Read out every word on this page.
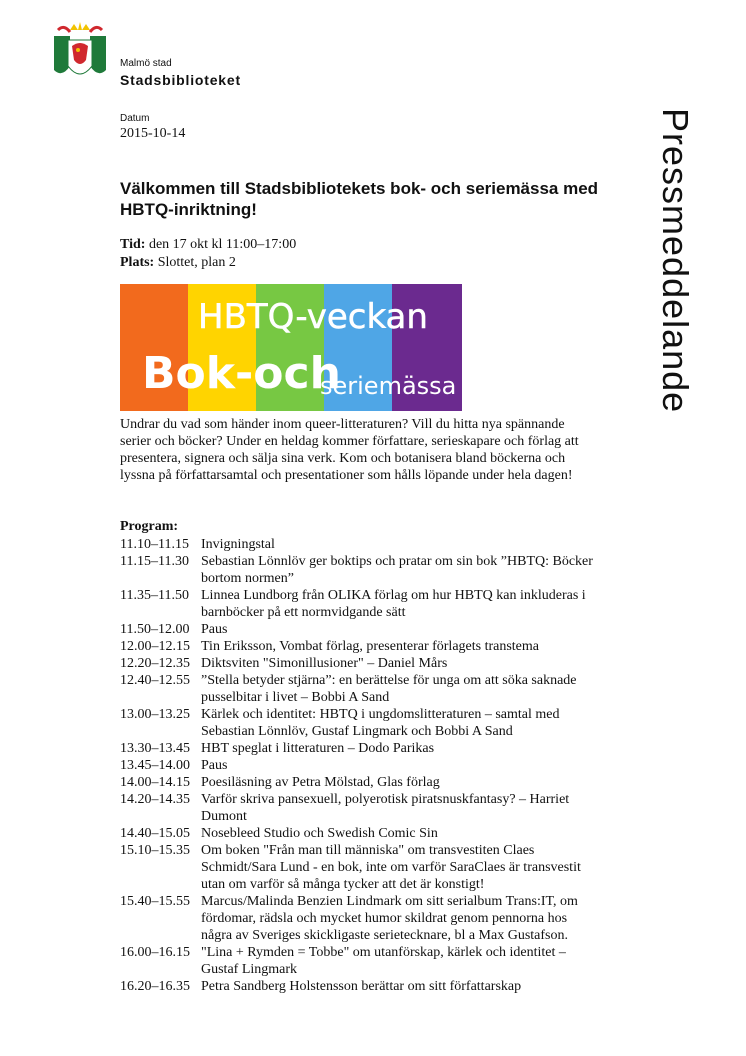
Malmö stad
Stadsbiblioteket
Datum
2015-10-14	Pressmeddelande
Välkommen till Stadsbibliotekets bok- och seriemässa med HBTQ-inriktning!
Tid: den 17 okt kl 11:00–17:00
Plats: Slottet, plan 2
HBTQ-veckan
Bok-och
seriemässa
Undrar du vad som händer inom queer-litteraturen? Vill du hitta nya spännande serier och böcker? Under en heldag kommer författare, serieskapare och förlag att presentera, signera och sälja sina verk. Kom och botanisera bland böckerna och lyssna på författarsamtal och presentationer som hålls löpande under hela dagen!
Program:
11.10–11.15 Invigningstal
11.15–11.30 Sebastian Lönnlöv ger boktips och pratar om sin bok ”HBTQ: Böcker bortom normen”
11.35–11.50 Linnea Lundborg från OLIKA förlag om hur HBTQ kan inkluderas i barnböcker på ett normvidgande sätt
11.50–12.00 Paus
12.00–12.15 Tin Eriksson, Vombat förlag, presenterar förlagets transtema
12.20–12.35 Diktsviten "Simonillusioner" – Daniel Mårs
12.40–12.55 ”Stella betyder stjärna”: en berättelse för unga om att söka saknade pusselbitar i livet – Bobbi A Sand
13.00–13.25 Kärlek och identitet: HBTQ i ungdomslitteraturen – samtal med Sebastian Lönnlöv, Gustaf Lingmark och Bobbi A Sand
13.30–13.45 HBT speglat i litteraturen – Dodo Parikas
13.45–14.00 Paus
14.00–14.15 Poesiläsning av Petra Mölstad, Glas förlag
14.20–14.35 Varför skriva pansexuell, polyerotisk piratsnuskfantasy? – Harriet Dumont
14.40–15.05 Nosebleed Studio och Swedish Comic Sin
15.10–15.35 Om boken "Från man till människa" om transvestiten Claes Schmidt/Sara Lund - en bok, inte om varför SaraClaes är transvestit utan om varför så många tycker att det är konstigt!
15.40–15.55 Marcus/Malinda Benzien Lindmark om sitt serialbum Trans:IT, om fördomar, rädsla och mycket humor skildrat genom pennorna hos några av Sveriges skickligaste serietecknare, bl a Max Gustafson.
16.00–16.15 "Lina + Rymden = Tobbe" om utanförskap, kärlek och identitet – Gustaf Lingmark
16.20–16.35 Petra Sandberg Holstensson berättar om sitt författarskap
